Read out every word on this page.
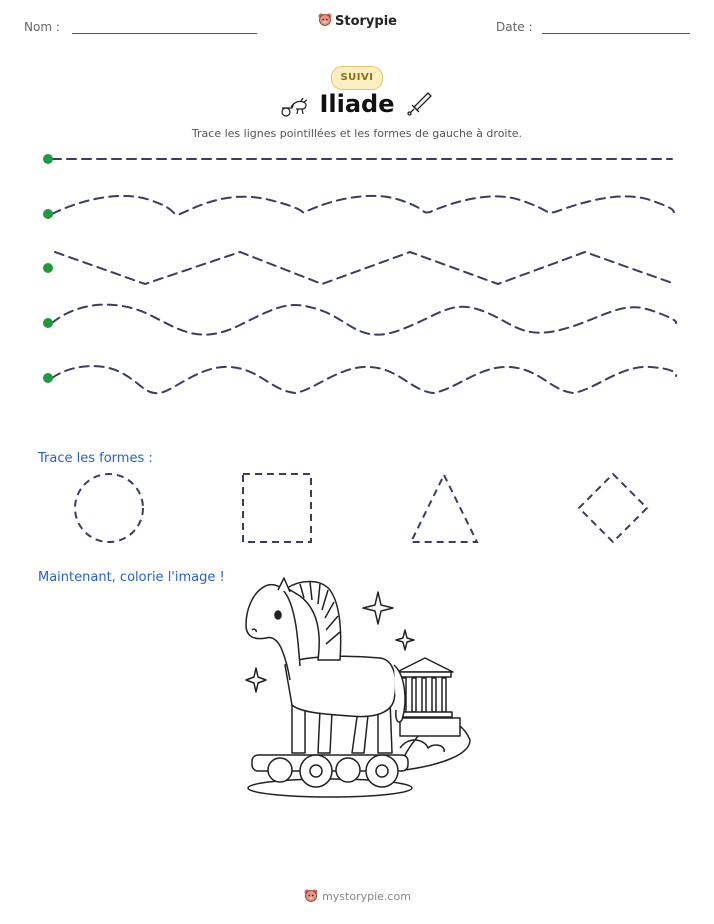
Nom :	Storypie	Date :
SUIVI
Iliade
Trace les lignes pointillées et les formes de gauche à droite.
Trace les formes :
Maintenant, colorie l'image !
mystorypie.com
